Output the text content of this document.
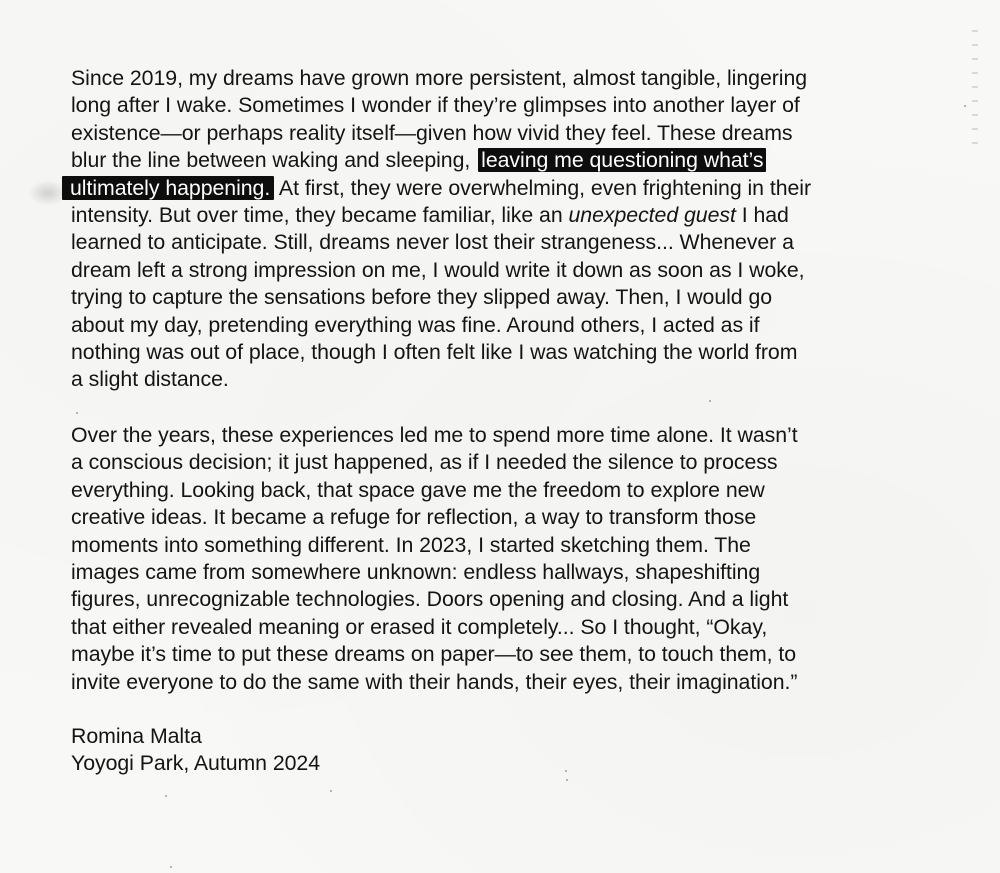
Since 2019, my dreams have grown more persistent, almost tangible, lingering
long after I wake. Sometimes I wonder if they’re glimpses into another layer of
existence—or perhaps reality itself—given how vivid they feel. These dreams
blur the line between waking and sleeping, leaving me questioning what’s
ultimately happening. At first, they were overwhelming, even frightening in their
intensity. But over time, they became familiar, like an unexpected guest I had
learned to anticipate. Still, dreams never lost their strangeness... Whenever a
dream left a strong impression on me, I would write it down as soon as I woke,
trying to capture the sensations before they slipped away. Then, I would go
about my day, pretending everything was fine. Around others, I acted as if
nothing was out of place, though I often felt like I was watching the world from
a slight distance.
Over the years, these experiences led me to spend more time alone. It wasn’t
a conscious decision; it just happened, as if I needed the silence to process
everything. Looking back, that space gave me the freedom to explore new
creative ideas. It became a refuge for reflection, a way to transform those
moments into something different. In 2023, I started sketching them. The
images came from somewhere unknown: endless hallways, shapeshifting
figures, unrecognizable technologies. Doors opening and closing. And a light
that either revealed meaning or erased it completely... So I thought, “Okay,
maybe it’s time to put these dreams on paper—to see them, to touch them, to
invite everyone to do the same with their hands, their eyes, their imagination.”
Romina Malta
Yoyogi Park, Autumn 2024
